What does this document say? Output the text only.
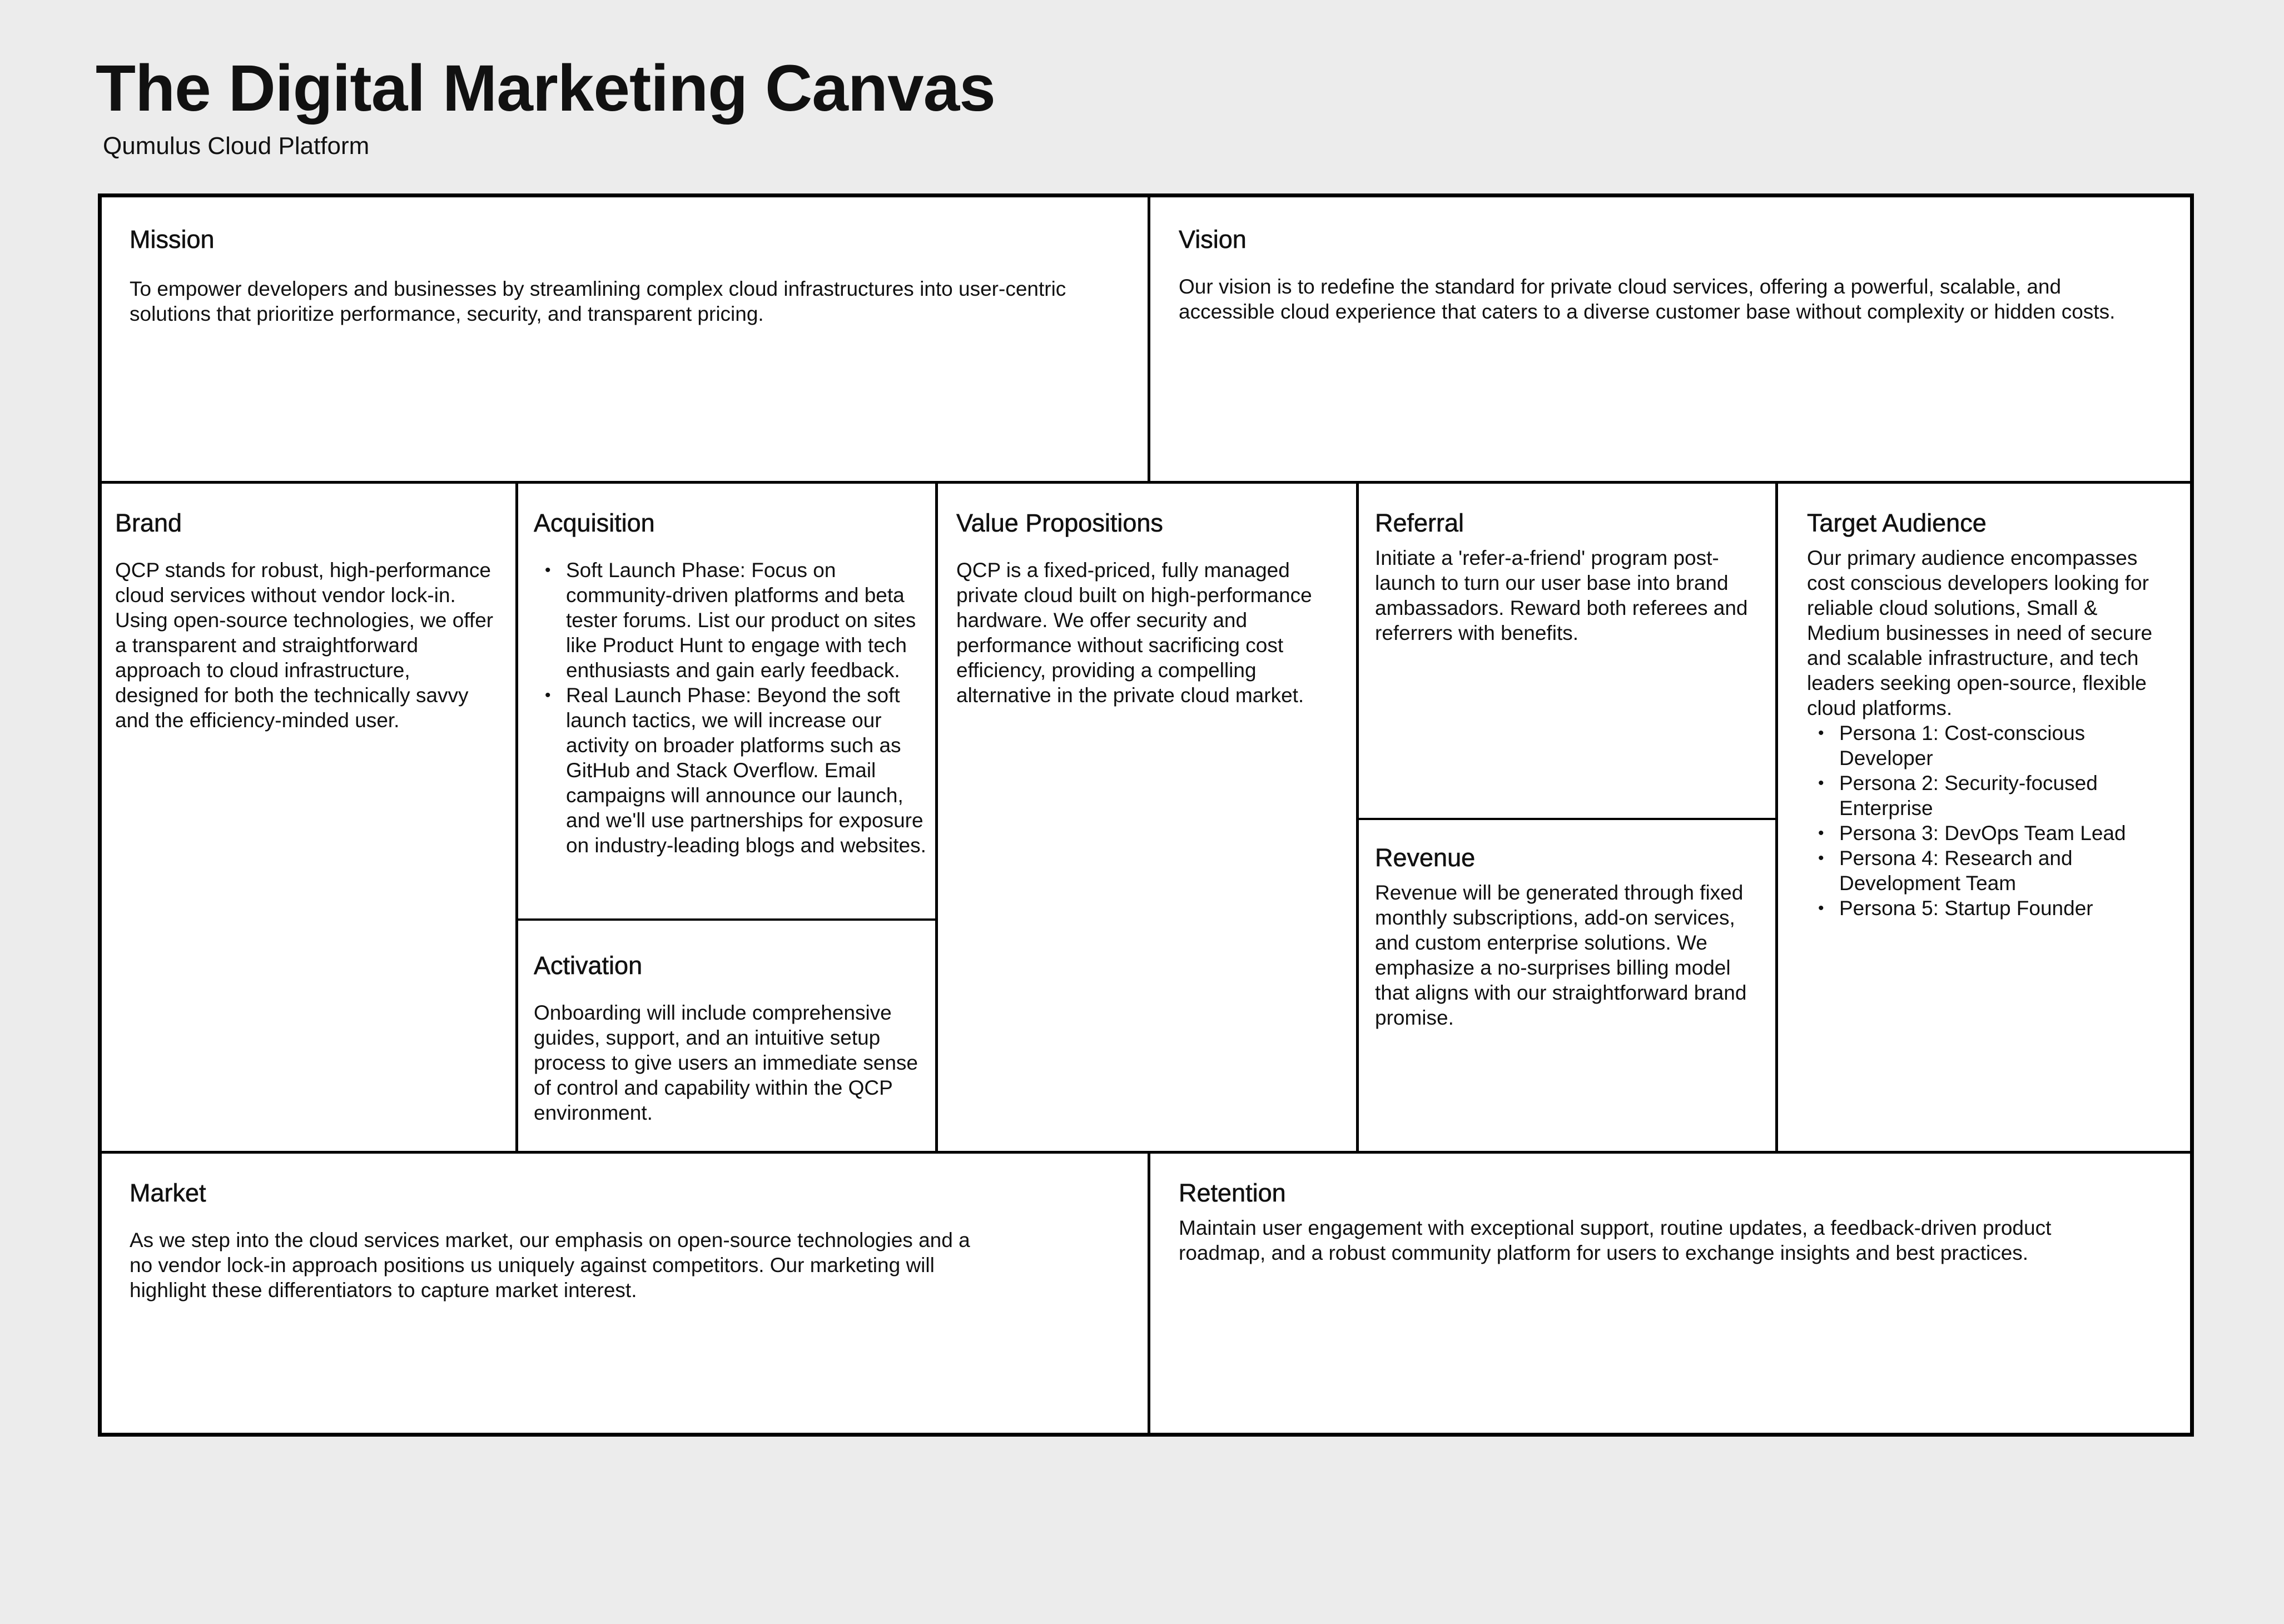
The Digital Marketing Canvas
Qumulus Cloud Platform
Mission

To empower developers and businesses by streamlining complex cloud infrastructures into user-centric solutions that prioritize performance, security, and transparent pricing.

Vision

Our vision is to redefine the standard for private cloud services, offering a powerful, scalable, and accessible cloud experience that caters to a diverse customer base without complexity or hidden costs.

Brand

QCP stands for robust, high-performance cloud services without vendor lock-in. Using open-source technologies, we offer a transparent and straightforward approach to cloud infrastructure, designed for both the technically savvy and the efficiency-minded user.

Acquisition
• Soft Launch Phase: Focus on community-driven platforms and beta tester forums. List our product on sites like Product Hunt to engage with tech enthusiasts and gain early feedback.
• Real Launch Phase: Beyond the soft launch tactics, we will increase our activity on broader platforms such as GitHub and Stack Overflow. Email campaigns will announce our launch, and we'll use partnerships for exposure on industry-leading blogs and websites.
Activation

Onboarding will include comprehensive guides, support, and an intuitive setup process to give users an immediate sense of control and capability within the QCP environment.

Value Propositions

QCP is a fixed-priced, fully managed private cloud built on high-performance hardware. We offer security and performance without sacrificing cost efficiency, providing a compelling alternative in the private cloud market.

Referral

Initiate a 'refer-a-friend' program post-launch to turn our user base into brand ambassadors. Reward both referees and referrers with benefits.

Revenue

Revenue will be generated through fixed monthly subscriptions, add-on services, and custom enterprise solutions. We emphasize a no-surprises billing model that aligns with our straightforward brand promise.

Target Audience

Our primary audience encompasses cost conscious developers looking for reliable cloud solutions, Small & Medium businesses in need of secure and scalable infrastructure, and tech leaders seeking open-source, flexible cloud platforms.

• Persona 1: Cost-conscious Developer
• Persona 2: Security-focused Enterprise
• Persona 3: DevOps Team Lead
• Persona 4: Research and Development Team
• Persona 5: Startup Founder
Market

As we step into the cloud services market, our emphasis on open-source technologies and a no vendor lock-in approach positions us uniquely against competitors. Our marketing will highlight these differentiators to capture market interest.

Retention

Maintain user engagement with exceptional support, routine updates, a feedback-driven product roadmap, and a robust community platform for users to exchange insights and best practices.
